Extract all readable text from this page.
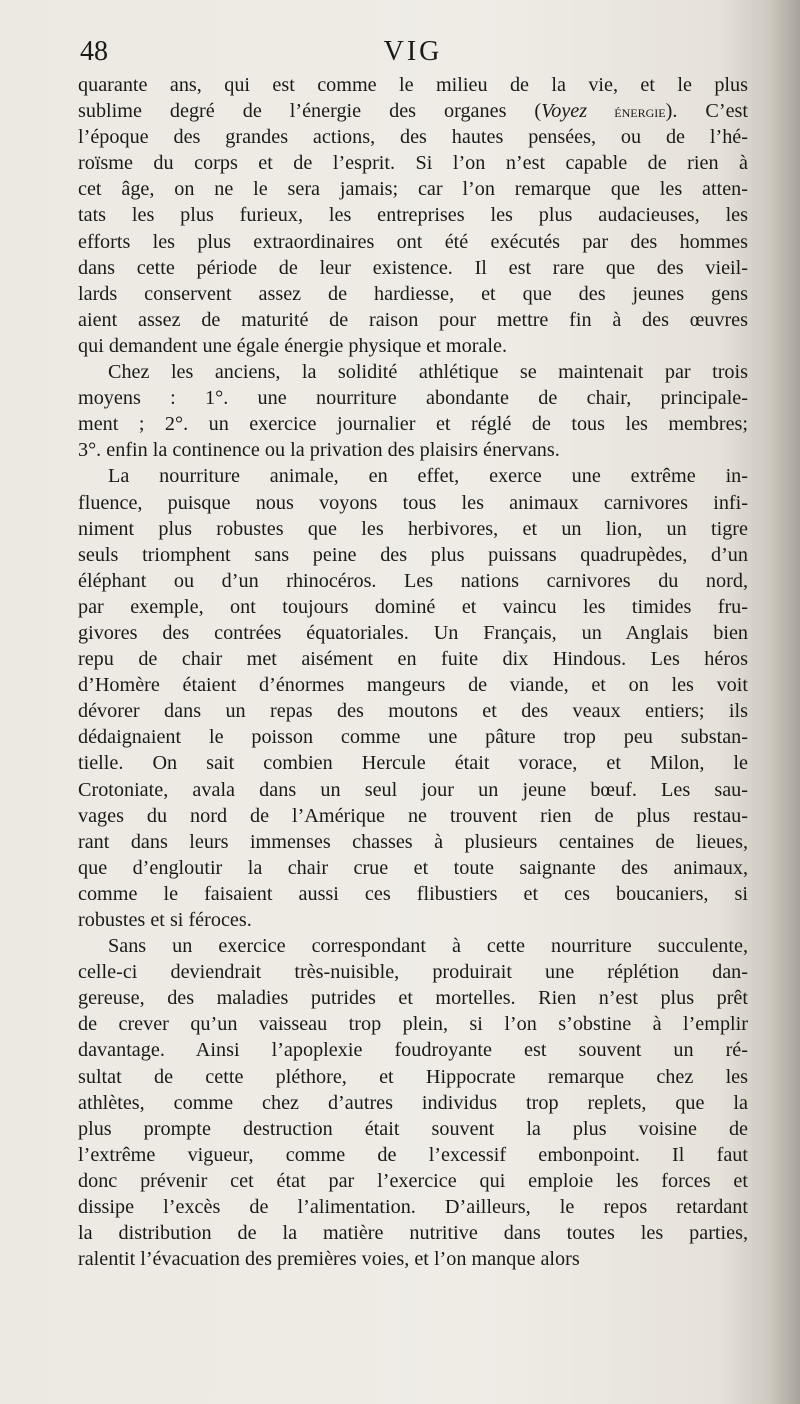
48	VIG
quarante ans, qui est comme le milieu de la vie, et le plus
sublime degré de l’énergie des organes (Voyez énergie). C’est
l’époque des grandes actions, des hautes pensées, ou de l’hé-
roïsme du corps et de l’esprit. Si l’on n’est capable de rien à
cet âge, on ne le sera jamais; car l’on remarque que les atten-
tats les plus furieux, les entreprises les plus audacieuses, les
efforts les plus extraordinaires ont été exécutés par des hommes
dans cette période de leur existence. Il est rare que des vieil-
lards conservent assez de hardiesse, et que des jeunes gens
aient assez de maturité de raison pour mettre fin à des œuvres
qui demandent une égale énergie physique et morale.
Chez les anciens, la solidité athlétique se maintenait par trois
moyens : 1°. une nourriture abondante de chair, principale-
ment ; 2°. un exercice journalier et réglé de tous les membres;
3°. enfin la continence ou la privation des plaisirs énervans.
La nourriture animale, en effet, exerce une extrême in-
fluence, puisque nous voyons tous les animaux carnivores infi-
niment plus robustes que les herbivores, et un lion, un tigre
seuls triomphent sans peine des plus puissans quadrupèdes, d’un
éléphant ou d’un rhinocéros. Les nations carnivores du nord,
par exemple, ont toujours dominé et vaincu les timides fru-
givores des contrées équatoriales. Un Français, un Anglais bien
repu de chair met aisément en fuite dix Hindous. Les héros
d’Homère étaient d’énormes mangeurs de viande, et on les voit
dévorer dans un repas des moutons et des veaux entiers; ils
dédaignaient le poisson comme une pâture trop peu substan-
tielle. On sait combien Hercule était vorace, et Milon, le
Crotoniate, avala dans un seul jour un jeune bœuf. Les sau-
vages du nord de l’Amérique ne trouvent rien de plus restau-
rant dans leurs immenses chasses à plusieurs centaines de lieues,
que d’engloutir la chair crue et toute saignante des animaux,
comme le faisaient aussi ces flibustiers et ces boucaniers, si
robustes et si féroces.
Sans un exercice correspondant à cette nourriture succulente,
celle-ci deviendrait très-nuisible, produirait une réplétion dan-
gereuse, des maladies putrides et mortelles. Rien n’est plus prêt
de crever qu’un vaisseau trop plein, si l’on s’obstine à l’emplir
davantage. Ainsi l’apoplexie foudroyante est souvent un ré-
sultat de cette pléthore, et Hippocrate remarque chez les
athlètes, comme chez d’autres individus trop replets, que la
plus prompte destruction était souvent la plus voisine de
l’extrême vigueur, comme de l’excessif embonpoint. Il faut
donc prévenir cet état par l’exercice qui emploie les forces et
dissipe l’excès de l’alimentation. D’ailleurs, le repos retardant
la distribution de la matière nutritive dans toutes les parties,
ralentit l’évacuation des premières voies, et l’on manque alors
